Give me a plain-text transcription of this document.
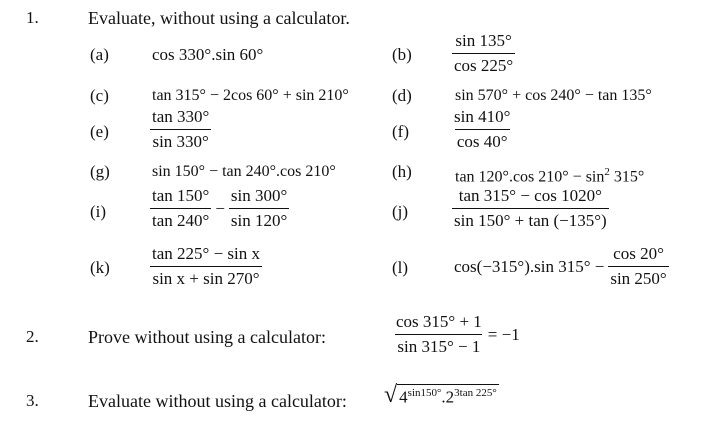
1.	Evaluate, without using a calculator.
(a)	cos 330°.sin 60°	$(b) \frac{\sin 135^\circ}{\cos 225^\circ}$
(c)	tan 315° − 2cos 60° + sin 210°	(d)	sin 570° + cos 240° − tan 135°
$(e) \frac{\tan 330^\circ}{\sin 330^\circ}$	(f)	$\frac{\sin 410^\circ}{\cos 40^\circ}$
(g)	sin 150° − tan 240°.cos 210°	(h)	tan 120°.cos $210^\circ - \sin^2 315^\circ$
(i)	$\frac{\tan 150^\circ}{\tan 240^\circ} - \frac{\sin 300^\circ}{\sin 120^\circ}$	(j)	$\frac{\tan 315^\circ - \cos 1020^\circ}{\sin 150^\circ + \tan (-135^\circ)}$
$(k) \frac{\text{tan 225° − sin x}}{\text{sin x + sin 270°}}$	(l)	cos(−315°).sin $315^\circ - \frac{\cos 20^\circ}{\sin 250^\circ}$
2.	Prove without using a calculator:	$\frac{\cos 315^\circ + 1}{\sin 315^\circ - 1} = -1$
3.	Evaluate without using a calculator: √ $4^{sin150^\circ}.2^{3tan 225^\circ}$
